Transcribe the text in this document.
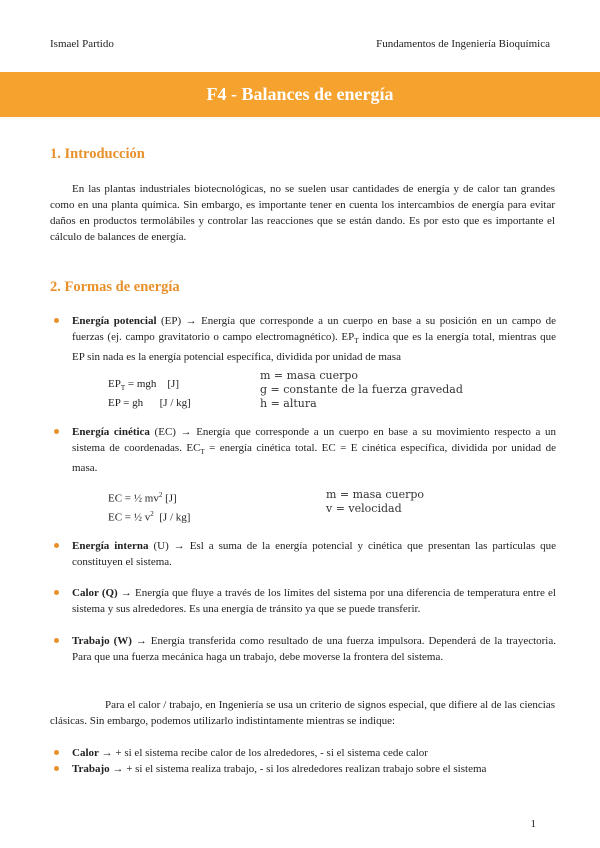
Ismael Partido	Fundamentos de Ingeniería Bioquímica
F4 - Balances de energía
1. Introducción

En las plantas industriales biotecnológicas, no se suelen usar cantidades de energía y de calor tan grandes como en una planta química. Sin embargo, es importante tener en cuenta los intercambios de energía para evitar daños en productos termolábiles y controlar las reacciones que se están dando. Es por esto que es importante el cálculo de balances de energía.

2. Formas de energía
Energía potencial (EP) → Energía que corresponde a un cuerpo en base a su posición en un campo de fuerzas (ej. campo gravitatorio o campo electromagnético). $EP_T$ indica que es la energía total, mientras que EP sin nada es la energía potencial específica, dividida por unidad de masa
$EP_T$ = mgh    [J]
EP = gh      [J / kg]
m = masa cuerpo
g = constante de la fuerza gravedad
h = altura
Energía cinética (EC) → Energía que corresponde a un cuerpo en base a su movimiento respecto a un sistema de coordenadas. $EC_T$ = energía cinética total. EC = E cinética específica, dividida por unidad de masa.
EC = ½ $mv^2$ [J]
EC = ½ $v^2$  [J / kg]
m = masa cuerpo
v = velocidad
Energía interna (U) → Esl a suma de la energía potencial y cinética que presentan las partículas que constituyen el sistema.
Calor (Q) → Energía que fluye a través de los límites del sistema por una diferencia de temperatura entre el sistema y sus alrededores. Es una energía de tránsito ya que se puede transferir.
Trabajo (W) → Energía transferida como resultado de una fuerza impulsora. Dependerá de la trayectoria. Para que una fuerza mecánica haga un trabajo, debe moverse la frontera del sistema.

Para el calor / trabajo, en Ingeniería se usa un criterio de signos especial, que difiere al de las ciencias clásicas. Sin embargo, podemos utilizarlo indistintamente mientras se indique:

Calor → + si el sistema recibe calor de los alrededores, - si el sistema cede calor
Trabajo → + si el sistema realiza trabajo, - si los alrededores realizan trabajo sobre el sistema
1
